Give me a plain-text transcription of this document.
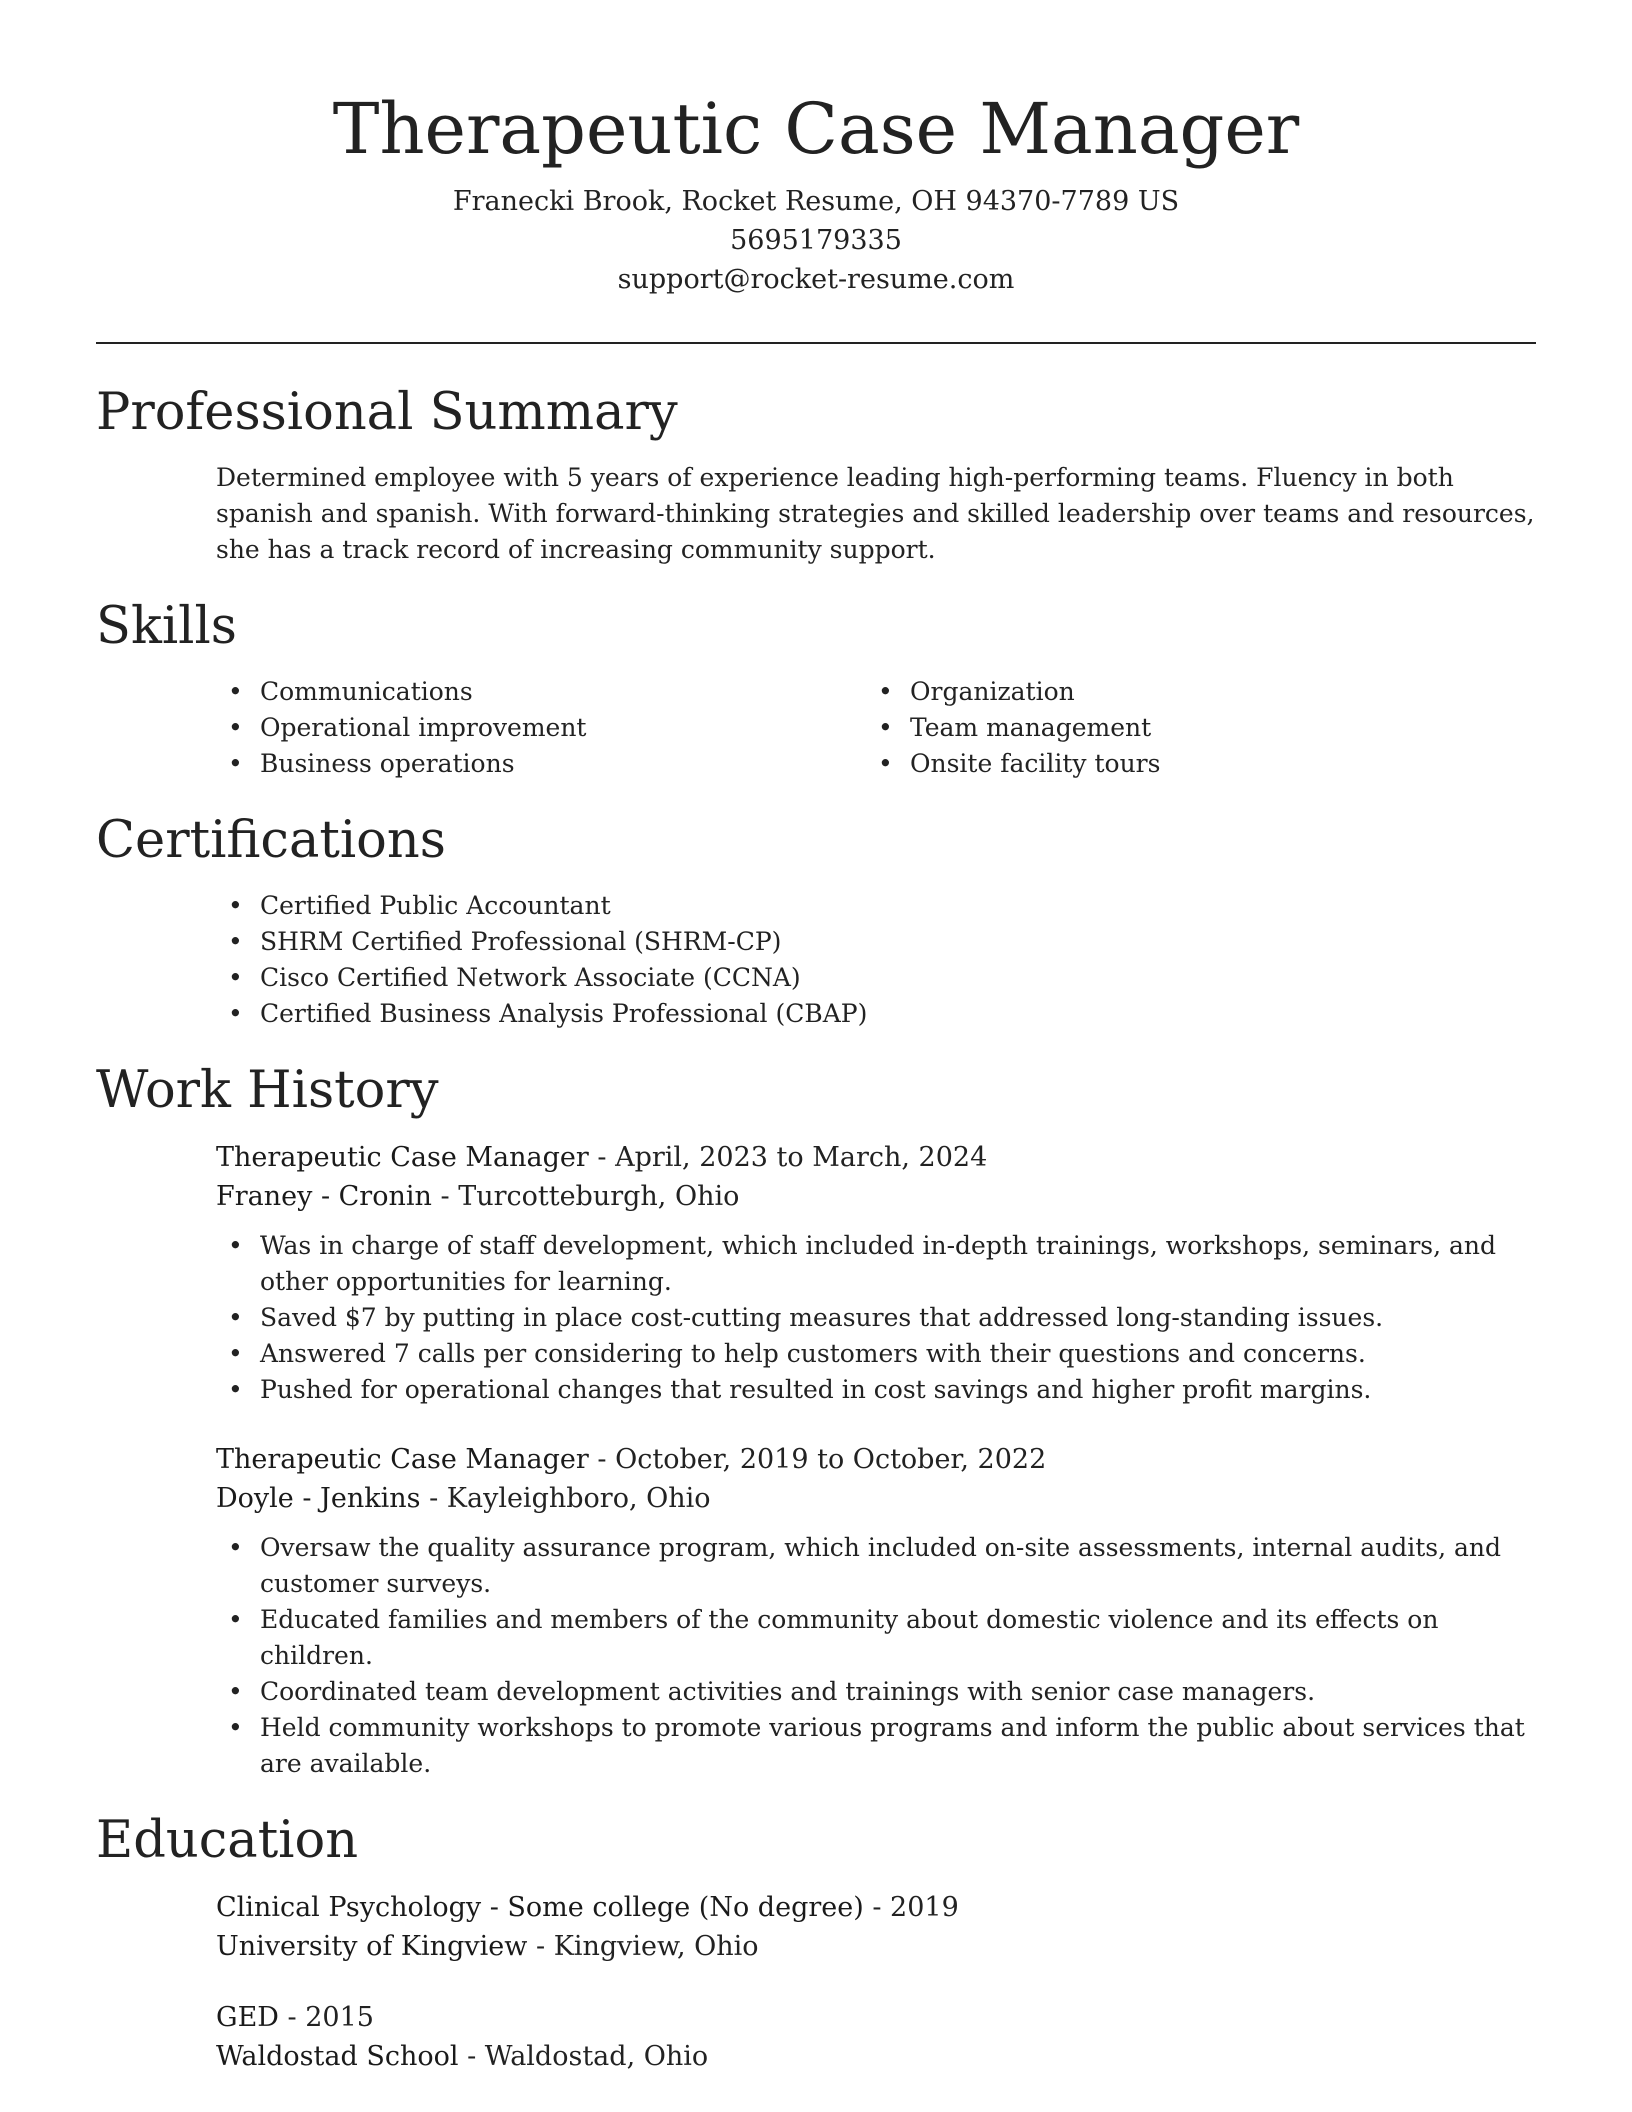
Therapeutic Case Manager
Franecki Brook, Rocket Resume, OH 94370-7789 US
5695179335
support@rocket-resume.com
Professional Summary
Determined employee with 5 years of experience leading high-performing teams. Fluency in both spanish and spanish. With forward-thinking strategies and skilled leadership over teams and resources, she has a track record of increasing community support.
Skills
• Communications
• Operational improvement
• Business operations
• Organization
• Team management
• Onsite facility tours
Certifications
• Certified Public Accountant
• SHRM Certified Professional (SHRM-CP)
• Cisco Certified Network Associate (CCNA)
• Certified Business Analysis Professional (CBAP)
Work History
Therapeutic Case Manager - April, 2023 to March, 2024
Franey - Cronin - Turcotteburgh, Ohio
• Was in charge of staff development, which included in-depth trainings, workshops, seminars, and other opportunities for learning.
• Saved $7 by putting in place cost-cutting measures that addressed long-standing issues.
• Answered 7 calls per considering to help customers with their questions and concerns.
• Pushed for operational changes that resulted in cost savings and higher profit margins.
Therapeutic Case Manager - October, 2019 to October, 2022
Doyle - Jenkins - Kayleighboro, Ohio
• Oversaw the quality assurance program, which included on-site assessments, internal audits, and customer surveys.
• Educated families and members of the community about domestic violence and its effects on children.
• Coordinated team development activities and trainings with senior case managers.
• Held community workshops to promote various programs and inform the public about services that are available.
Education
Clinical Psychology - Some college (No degree) - 2019
University of Kingview - Kingview, Ohio
GED - 2015
Waldostad School - Waldostad, Ohio
